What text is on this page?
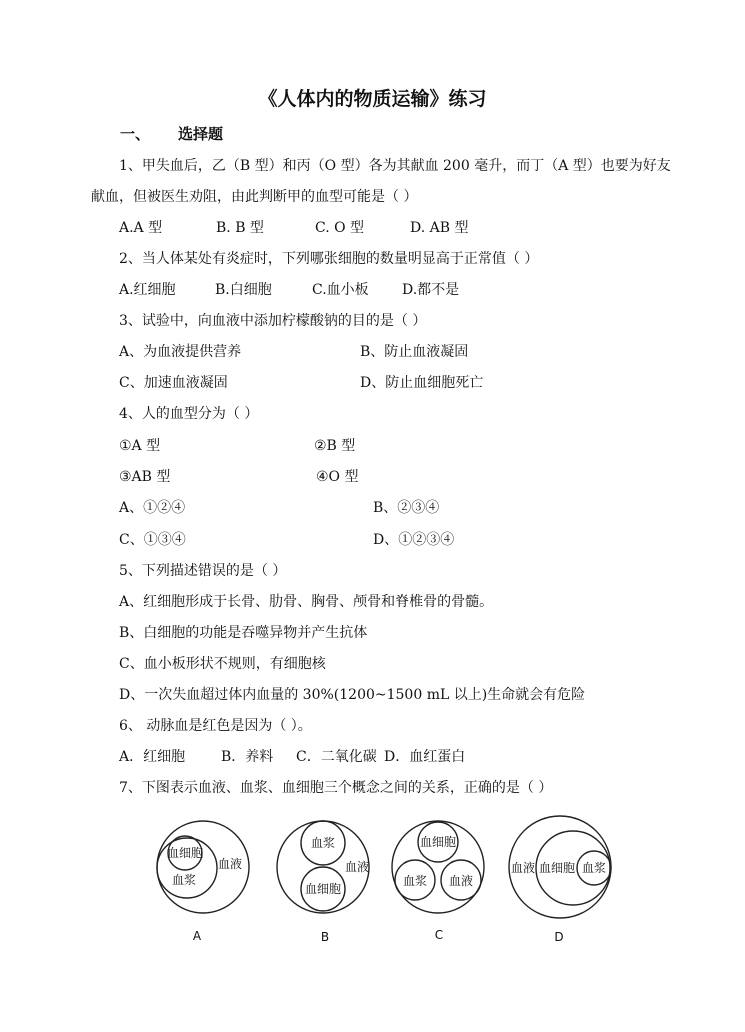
《人体内的物质运输》练习
一、 选择题
1、甲失血后，乙（B 型）和丙（O 型）各为其献血 200 毫升，而丁（A 型）也要为好友
献血，但被医生劝阻，由此判断甲的血型可能是（ ）
A.A 型	B. B 型	C. O 型	D. AB 型
2、当人体某处有炎症时，下列哪张细胞的数量明显高于正常值（ ）
A.红细胞	B.白细胞	C.血小板 D.都不是
3、试验中，向血液中添加柠檬酸钠的目的是（ ）
A、为血液提供营养	B、防止血液凝固
C、加速血液凝固	D、防止血细胞死亡
4、人的血型分为（ ）
①A 型	②B 型
③AB 型	④O 型
A、①②④	B、②③④
C、①③④	D、①②③④
5、下列描述错误的是（ ）
A、红细胞形成于长骨、肋骨、胸骨、颅骨和脊椎骨的骨髓。
B、白细胞的功能是吞噬异物并产生抗体
C、血小板形状不规则，有细胞核
D、一次失血超过体内血量的 30%(1200~1500 mL 以上)生命就会有危险
6、 动脉血是红色是因为（ ）。
A．红细胞	B．养料 C．二氧化碳 D．血红蛋白
7、下图表示血液、血浆、血细胞三个概念之间的关系，正确的是（ ）
血细胞
血浆
血液
A
血浆
血液
血细胞
B
血细胞
血浆 血液
C
血液 血细胞 血浆
D
